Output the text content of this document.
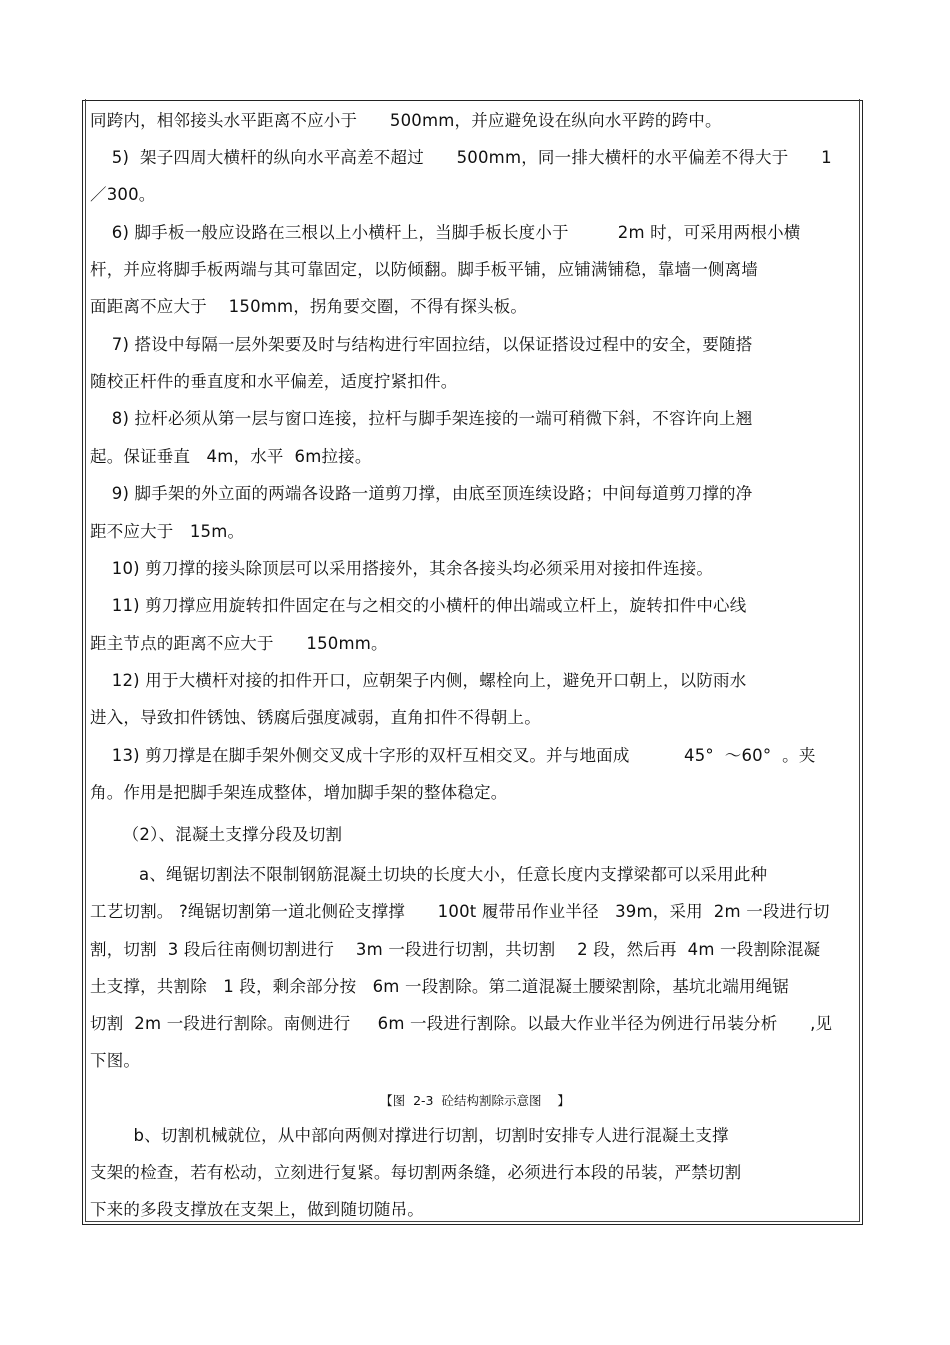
同跨内，相邻接头水平距离不应小于      500mm，并应避免设在纵向水平跨的跨中。
5)  架子四周大横杆的纵向水平高差不超过      500mm，同一排大横杆的水平偏差不得大于      1
／300。
6) 脚手板一般应设路在三根以上小横杆上，当脚手板长度小于         2m 时，可采用两根小横
杆，并应将脚手板两端与其可靠固定，以防倾翻。脚手板平铺，应铺满铺稳，靠墙一侧离墙
面距离不应大于    150mm，拐角要交圈，不得有探头板。
7) 搭设中每隔一层外架要及时与结构进行牢固拉结，以保证搭设过程中的安全，要随搭
随校正杆件的垂直度和水平偏差，适度拧紧扣件。
8) 拉杆必须从第一层与窗口连接，拉杆与脚手架连接的一端可稍微下斜，不容许向上翘
起。保证垂直   4m，水平  6m拉接。
9) 脚手架的外立面的两端各设路一道剪刀撑，由底至顶连续设路；中间每道剪刀撑的净
距不应大于   15m。
10) 剪刀撑的接头除顶层可以采用搭接外，其余各接头均必须采用对接扣件连接。
11) 剪刀撑应用旋转扣件固定在与之相交的小横杆的伸出端或立杆上，旋转扣件中心线
距主节点的距离不应大于      150mm。
12) 用于大横杆对接的扣件开口，应朝架子内侧，螺栓向上，避免开口朝上，以防雨水
进入，导致扣件锈蚀、锈腐后强度减弱，直角扣件不得朝上。
13) 剪刀撑是在脚手架外侧交叉成十字形的双杆互相交叉。并与地面成          45°  ～60°  。夹
角。作用是把脚手架连成整体，增加脚手架的整体稳定。
（2）、混凝土支撑分段及切割
a、绳锯切割法不限制钢筋混凝土切块的长度大小，任意长度内支撑梁都可以采用此种
工艺切割。 ?绳锯切割第一道北侧砼支撑撑      100t 履带吊作业半径   39m，采用  2m 一段进行切
割，切割  3 段后往南侧切割进行    3m 一段进行切割，共切割    2 段，然后再  4m 一段割除混凝
土支撑，共割除   1 段，剩余部分按   6m 一段割除。第二道混凝土腰梁割除，基坑北端用绳锯
切割  2m 一段进行割除。南侧进行     6m 一段进行割除。以最大作业半径为例进行吊装分析      ,见
下图。
【图  2-3  砼结构割除示意图    】
b、切割机械就位，从中部向两侧对撑进行切割，切割时安排专人进行混凝土支撑
支架的检查，若有松动，立刻进行复紧。每切割两条缝，必须进行本段的吊装，严禁切割
下来的多段支撑放在支架上，做到随切随吊。
